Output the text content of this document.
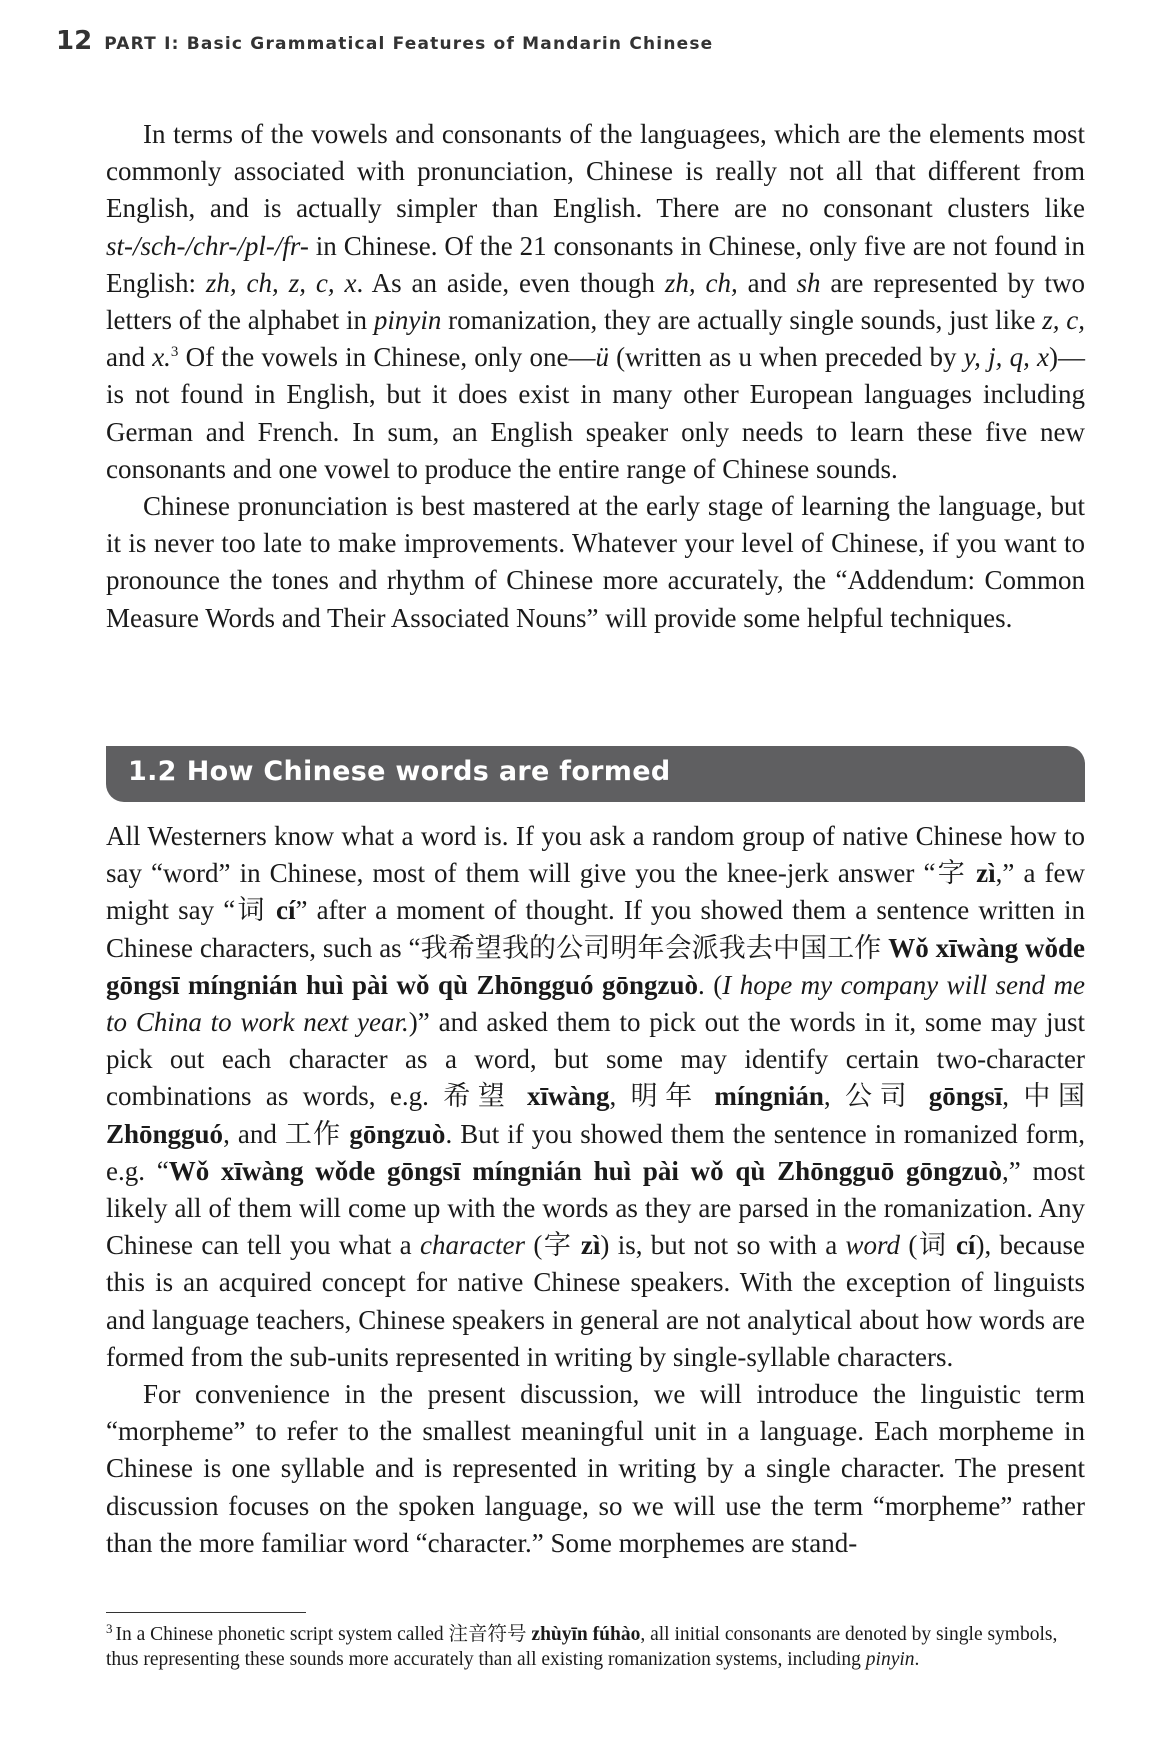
12 PART I: Basic Grammatical Features of Mandarin Chinese

In terms of the vowels and consonants of the languagees, which are the elements most commonly associated with pronunciation, Chinese is really not all that different from English, and is actually simpler than English. There are no consonant clusters like st-/sch-/chr-/pl-/fr- in Chinese. Of the 21 consonants in Chinese, only five are not found in English: zh, ch, z, c, x. As an aside, even though zh, ch, and sh are represented by two letters of the alphabet in pinyin romanization, they are actually single sounds, just like z, c, and x.$^3$ Of the vowels in Chinese, only one—ü (written as u when preceded by y, j, q, x)—is not found in English, but it does exist in many other European languages including German and French. In sum, an English speaker only needs to learn these five new consonants and one vowel to produce the entire range of Chinese sounds.

Chinese pronunciation is best mastered at the early stage of learning the language, but it is never too late to make improvements. Whatever your level of Chinese, if you want to pronounce the tones and rhythm of Chinese more accurately, the “Addendum: Common Measure Words and Their Associated Nouns” will provide some helpful techniques.

1.2 How Chinese words are formed

All Westerners know what a word is. If you ask a random group of native Chinese how to say “word” in Chinese, most of them will give you the knee-jerk answer “字 zì,” a few might say “词 cí” after a moment of thought. If you showed them a sentence written in Chinese characters, such as “我希望我的公司明年会派我去中国工作 Wǒ xīwàng wǒde gōngsī míngnián huì pài wǒ qù Zhōngguó gōngzuò. (I hope my company will send me to China to work next year.)” and asked them to pick out the words in it, some may just pick out each character as a word, but some may identify certain two-character combinations as words, e.g. 希望 xīwàng, 明年 míngnián, 公司 gōngsī, 中国 Zhōngguó, and 工作 gōngzuò. But if you showed them the sentence in romanized form, e.g. “Wǒ xīwàng wǒde gōngsī míngnián huì pài wǒ qù Zhōngguō gōngzuò,” most likely all of them will come up with the words as they are parsed in the romanization. Any Chinese can tell you what a character (字 zì) is, but not so with a word (词 cí), because this is an acquired concept for native Chinese speakers. With the exception of linguists and language teachers, Chinese speakers in general are not analytical about how words are formed from the sub-units represented in writing by single-syllable characters.

For convenience in the present discussion, we will introduce the linguistic term “morpheme” to refer to the smallest meaningful unit in a language. Each morpheme in Chinese is one syllable and is represented in writing by a single character. The present discussion focuses on the spoken language, so we will use the term “morpheme” rather than the more familiar word “character.” Some morphemes are stand-

$^3$ In a Chinese phonetic script system called 注音符号 zhùyīn fúhào, all initial consonants are denoted by single symbols, thus representing these sounds more accurately than all existing romanization systems, including pinyin.
